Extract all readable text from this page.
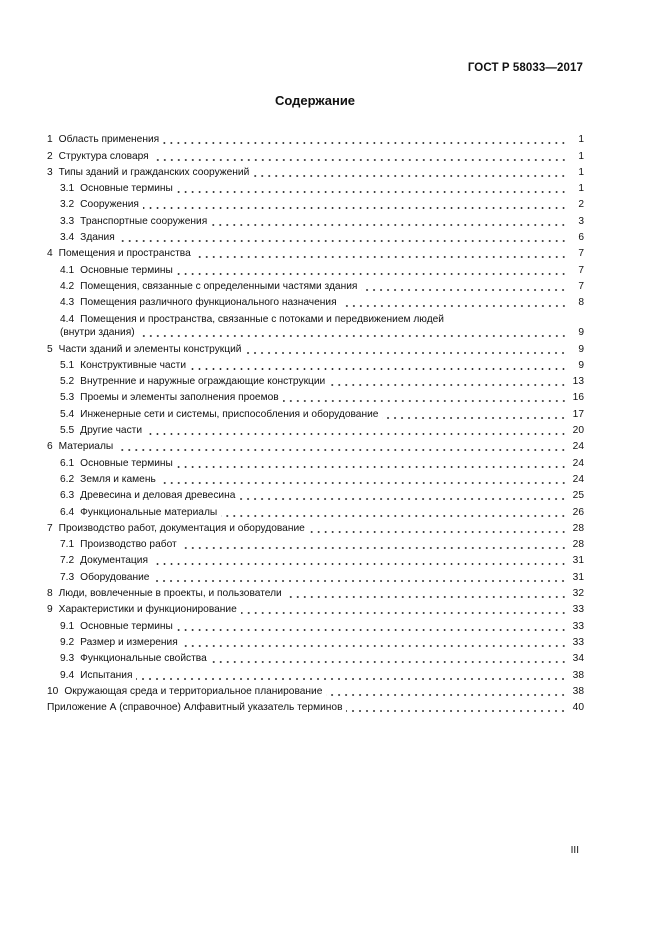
ГОСТ Р 58033—2017
Содержание
1 Область применения	1
2 Структура словаря	1
3 Типы зданий и гражданских сооружений	1
3.1 Основные термины	1
3.2 Сооружения	2
3.3 Транспортные сооружения	3
3.4 Здания	6
4 Помещения и пространства	7
4.1 Основные термины	7
4.2 Помещения, связанные с определенными частями здания	7
4.3 Помещения различного функционального назначения	8
4.4 Помещения и пространства, связанные с потоками и передвижением людей
(внутри здания)	9
5 Части зданий и элементы конструкций	9
5.1 Конструктивные части	9
5.2 Внутренние и наружные ограждающие конструкции	13
5.3 Проемы и элементы заполнения проемов	16
5.4 Инженерные сети и системы, приспособления и оборудование	17
5.5 Другие части	20
6 Материалы	24
6.1 Основные термины	24
6.2 Земля и камень	24
6.3 Древесина и деловая древесина	25
6.4 Функциональные материалы	26
7 Производство работ, документация и оборудование	28
7.1 Производство работ	28
7.2 Документация	31
7.3 Оборудование	31
8 Люди, вовлеченные в проекты, и пользователи	32
9 Характеристики и функционирование	33
9.1 Основные термины	33
9.2 Размер и измерения	33
9.3 Функциональные свойства	34
9.4 Испытания	38
10 Окружающая среда и территориальное планирование	38
Приложение А (справочное) Алфавитный указатель терминов	40
III
